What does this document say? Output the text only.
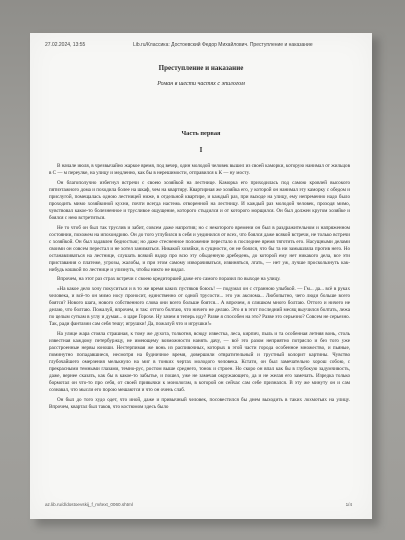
27.02.2024, 13:55	Lib.ru/Классика: Достоевский Федор Михайлович. Преступление и наказание
Преступление и наказание
Роман в шести частях с эпилогом
Часть первая
I

В начале июля, в чрезвычайно жаркое время, под вечер, один молодой человек вышел из своей каморки, которую нанимал от жильцов в С — м переулке, на улицу и медленно, как бы в нерешимости, отправился к К — ну мосту.

Он благополучно избегнул встречи с своею хозяйкой на лестнице. Каморка его приходилась под самою кровлей высокого пятиэтажного дома и походила более на шкаф, чем на квартиру. Квартирная же хозяйка его, у которой он нанимал эту каморку с обедом и прислугой, помещалась одною лестницей ниже, в отдельной квартире, и каждый раз, при выходе на улицу, ему непременно надо было проходить мимо хозяйкиной кухни, почти всегда настежь отворенной на лестницу. И каждый раз молодой человек, проходя мимо, чувствовал какое-то болезненное и трусливое ощущение, которого стыдился и от которого морщился. Он был должен кругом хозяйке и боялся с нею встретиться.

Не то чтоб он был так труслив и забит, совсем даже напротив; но с некоторого времени он был в раздражительном и напряженном состоянии, похожем на ипохондрию. Он до того углубился в себя и уединился от всех, что боялся даже всякой встречи, не только встречи с хозяйкой. Он был задавлен бедностью; но даже стесненное положение перестало в последнее время тяготить его. Насущными делами своими он совсем перестал и не хотел заниматься. Никакой хозяйки, в сущности, он не боялся, что бы та ни замышляла против него. Но останавливаться на лестнице, слушать всякий вздор про всю эту обыденную дребедень, до которой ему нет никакого дела, все эти приставания о платеже, угрозы, жалобы, и при этом самому изворачиваться, извиняться, лгать, — нет уж, лучше проскользнуть как-нибудь кошкой по лестнице и улизнуть, чтобы никто не видал.

Впрочем, на этот раз страх встречи с своею кредиторшей даже его самого поразил по выходе на улицу.

«На какое дело хочу покуситься и в то же время каких пустяков боюсь! — подумал он с странною улыбкой. — Гм... да... всё в руках человека, и всё-то он мимо носу проносит, единственно от одной трусости... это уж аксиома... Любопытно, чего люди больше всего боятся? Нового шага, нового собственного слова они всего больше боятся... А впрочем, я слишком много болтаю. Оттого и ничего не делаю, что болтаю. Пожалуй, впрочем, и так: оттого болтаю, что ничего не делаю. Это я в этот последний месяц выучился болтать, лежа по целым суткам в углу и думая... о царе Горохе. Ну зачем я теперь иду? Разве я способен на это? Разве это серьезно? Совсем не серьезно. Так, ради фантазии сам себя тешу; игрушки! Да, пожалуй что и игрушки!»

На улице жара стояла страшная, к тому же духота, толкотня, всюду известка, леса, кирпич, пыль и та особенная летняя вонь, столь известная каждому петербуржцу, не имеющему возможности нанять дачу, — всё это разом неприятно потрясло и без того уже расстроенные нервы юноши. Нестерпимая же вонь из распивочных, которых в этой части города особенное множество, и пьяные, поминутно попадавшиеся, несмотря на будничное время, довершили отвратительный и грустный колорит картины. Чувство глубочайшего омерзения мелькнуло на миг в тонких чертах молодого человека. Кстати, он был замечательно хорош собою, с прекрасными темными глазами, темно-рус, ростом выше среднего, тонок и строен. Но скоро он впал как бы в глубокую задумчивость, даже, вернее сказать, как бы в какое-то забытье, и пошел, уже не замечая окружающего, да и не желая его замечать. Изредка только бормотал он что-то про себя, от своей привычки к монологам, в которой он сейчас сам себе признался. В эту же минуту он и сам сознавал, что мысли его порою мешаются и что он очень слаб.

Он был до того худо одет, что иной, даже и привычный человек, посовестился бы днем выходить в таких лохмотьях на улицу. Впрочем, квартал был таков, что костюмом здесь было

az.lib.ru/d/dostoevskij_f_m/text_0060.shtml	1/4
